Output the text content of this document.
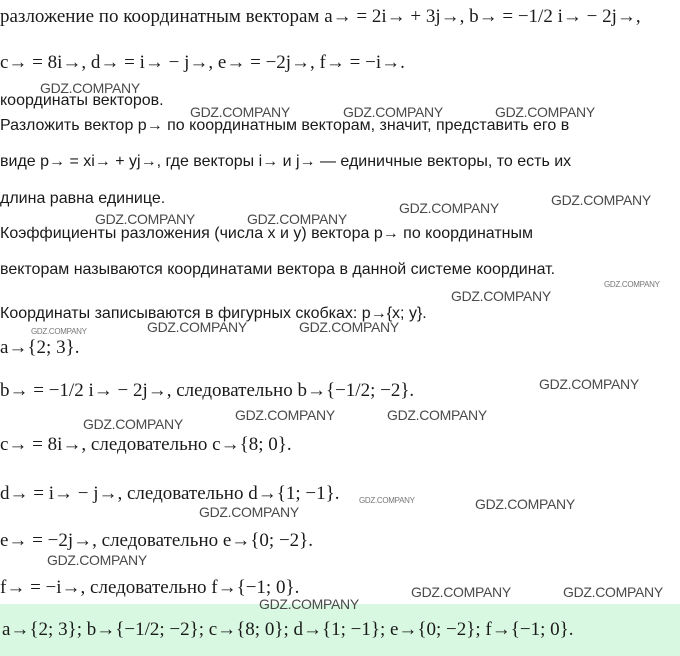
разложение по координатным векторам a→ = 2i→ + 3j→, b→ = −1/2 i→ − 2j→,
c→ = 8i→, d→ = i→ − j→, e→ = −2j→, f→ = −i→.
координаты векторов.
Разложить вектор p→ по координатным векторам, значит, представить его в
виде p→ = xi→ + yj→, где векторы i→ и j→ — единичные векторы, то есть их
длина равна единице.
Коэффициенты разложения (числа x и y) вектора p→ по координатным
векторам называются координатами вектора в данной системе координат.
Координаты записываются в фигурных скобках: p→{x; y}.
a→{2; 3}.
b→ = −1/2 i→ − 2j→, следовательно b→{−1/2; −2}.
c→ = 8i→, следовательно c→{8; 0}.
d→ = i→ − j→, следовательно d→{1; −1}.
e→ = −2j→, следовательно e→{0; −2}.
f→ = −i→, следовательно f→{−1; 0}.
a→{2; 3}; b→{−1/2; −2}; c→{8; 0}; d→{1; −1}; e→{0; −2}; f→{−1; 0}.
GDZ.COMPANY
GDZ.COMPANY	GDZ.COMPANY	GDZ.COMPANY
GDZ.COMPANY
GDZ.COMPANY
GDZ.COMPANY	GDZ.COMPANY
GDZ.COMPANY
GDZ.COMPANY
GDZ.COMPANY	GDZ.COMPANY	GDZ.COMPANY
GDZ.COMPANY
GDZ.COMPANY	GDZ.COMPANY
GDZ.COMPANY
GDZ.COMPANY	GDZ.COMPANY
GDZ.COMPANY
GDZ.COMPANY
GDZ.COMPANY	GDZ.COMPANY
GDZ.COMPANY
